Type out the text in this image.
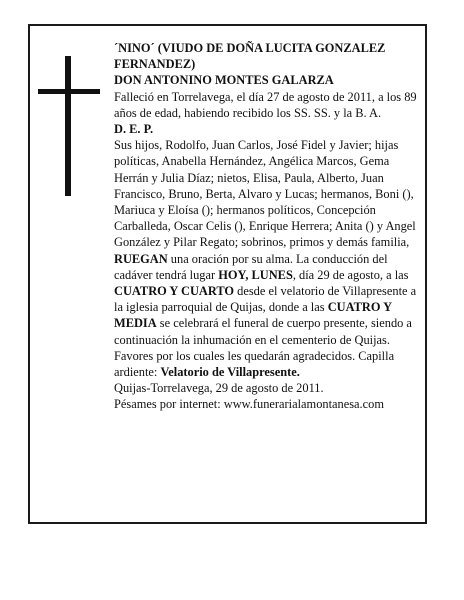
´NINO´ (VIUDO DE DOÑA LUCITA GONZALEZ FERNANDEZ)

DON ANTONINO MONTES GALARZA

Falleció en Torrelavega, el día 27 de agosto de 2011, a los 89 años de edad, habiendo recibido los SS. SS. y la B. A.

D. E. P.

Sus hijos, Rodolfo, Juan Carlos, José Fidel y Javier; hijas políticas, Anabella Hernández, Angélica Marcos, Gema Herrán y Julia Díaz; nietos, Elisa, Paula, Alberto, Juan Francisco, Bruno, Berta, Alvaro y Lucas; hermanos, Boni (), Mariuca y Eloísa (); hermanos políticos, Concepción Carballeda, Oscar Celis (), Enrique Herrera; Anita () y Angel González y Pilar Regato; sobrinos, primos y demás familia,

RUEGAN una oración por su alma. La conducción del cadáver tendrá lugar HOY, LUNES, día 29 de agosto, a las CUATRO Y CUARTO desde el velatorio de Villapresente a la iglesia parroquial de Quijas, donde a las CUATRO Y MEDIA se celebrará el funeral de cuerpo presente, siendo a continuación la inhumación en el cementerio de Quijas. Favores por los cuales les quedarán agradecidos. Capilla ardiente: Velatorio de Villapresente.

Quijas-Torrelavega, 29 de agosto de 2011.

Pésames por internet: www.funerarialamontanesa.com
